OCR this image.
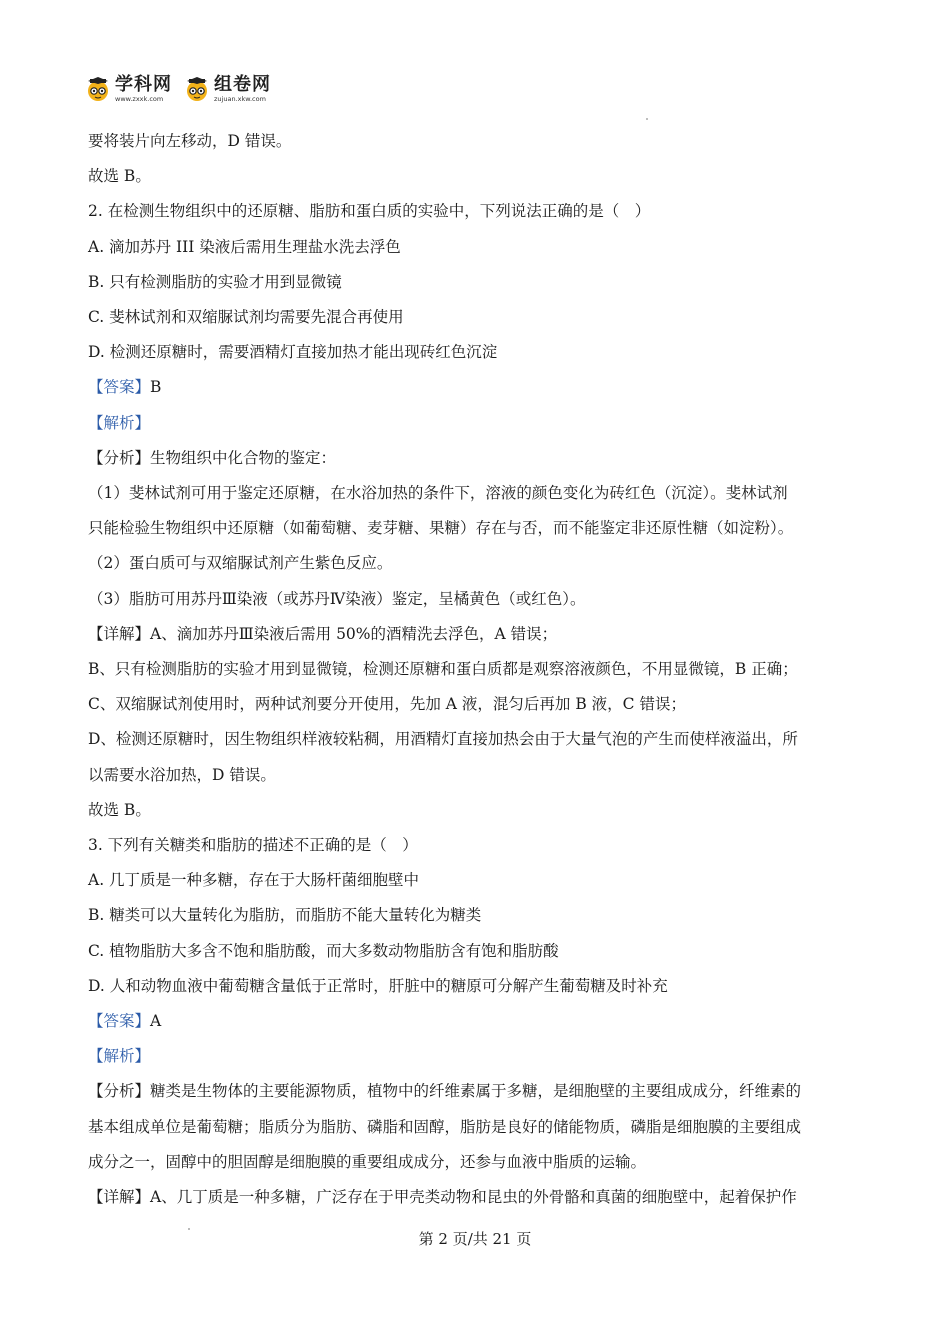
学科网
www.zxxk.com
组卷网
zujuan.xkw.com
要将装片向左移动，D 错误。
故选 B。
2. 在检测生物组织中的还原糖、脂肪和蛋白质的实验中，下列说法正确的是（　）
A. 滴加苏丹 III 染液后需用生理盐水洗去浮色
B. 只有检测脂肪的实验才用到显微镜
C. 斐林试剂和双缩脲试剂均需要先混合再使用
D. 检测还原糖时，需要酒精灯直接加热才能出现砖红色沉淀
【答案】B
【解析】
【分析】生物组织中化合物的鉴定：
（1）斐林试剂可用于鉴定还原糖，在水浴加热的条件下，溶液的颜色变化为砖红色（沉淀）。斐林试剂
只能检验生物组织中还原糖（如葡萄糖、麦芽糖、果糖）存在与否，而不能鉴定非还原性糖（如淀粉）。
（2）蛋白质可与双缩脲试剂产生紫色反应。
（3）脂肪可用苏丹Ⅲ染液（或苏丹Ⅳ染液）鉴定，呈橘黄色（或红色）。
【详解】A、滴加苏丹Ⅲ染液后需用 50%的酒精洗去浮色，A 错误；
B、只有检测脂肪的实验才用到显微镜，检测还原糖和蛋白质都是观察溶液颜色，不用显微镜，B 正确；
C、双缩脲试剂使用时，两种试剂要分开使用，先加 A 液，混匀后再加 B 液，C 错误；
D、检测还原糖时，因生物组织样液较粘稠，用酒精灯直接加热会由于大量气泡的产生而使样液溢出，所
以需要水浴加热，D 错误。
故选 B。
3. 下列有关糖类和脂肪的描述不正确的是（　）
A. 几丁质是一种多糖，存在于大肠杆菌细胞壁中
B. 糖类可以大量转化为脂肪，而脂肪不能大量转化为糖类
C. 植物脂肪大多含不饱和脂肪酸，而大多数动物脂肪含有饱和脂肪酸
D. 人和动物血液中葡萄糖含量低于正常时，肝脏中的糖原可分解产生葡萄糖及时补充
【答案】A
【解析】
【分析】糖类是生物体的主要能源物质，植物中的纤维素属于多糖，是细胞壁的主要组成成分，纤维素的
基本组成单位是葡萄糖；脂质分为脂肪、磷脂和固醇，脂肪是良好的储能物质，磷脂是细胞膜的主要组成
成分之一，固醇中的胆固醇是细胞膜的重要组成成分，还参与血液中脂质的运输。
【详解】A、几丁质是一种多糖，广泛存在于甲壳类动物和昆虫的外骨骼和真菌的细胞壁中，起着保护作
第 2 页/共 21 页
